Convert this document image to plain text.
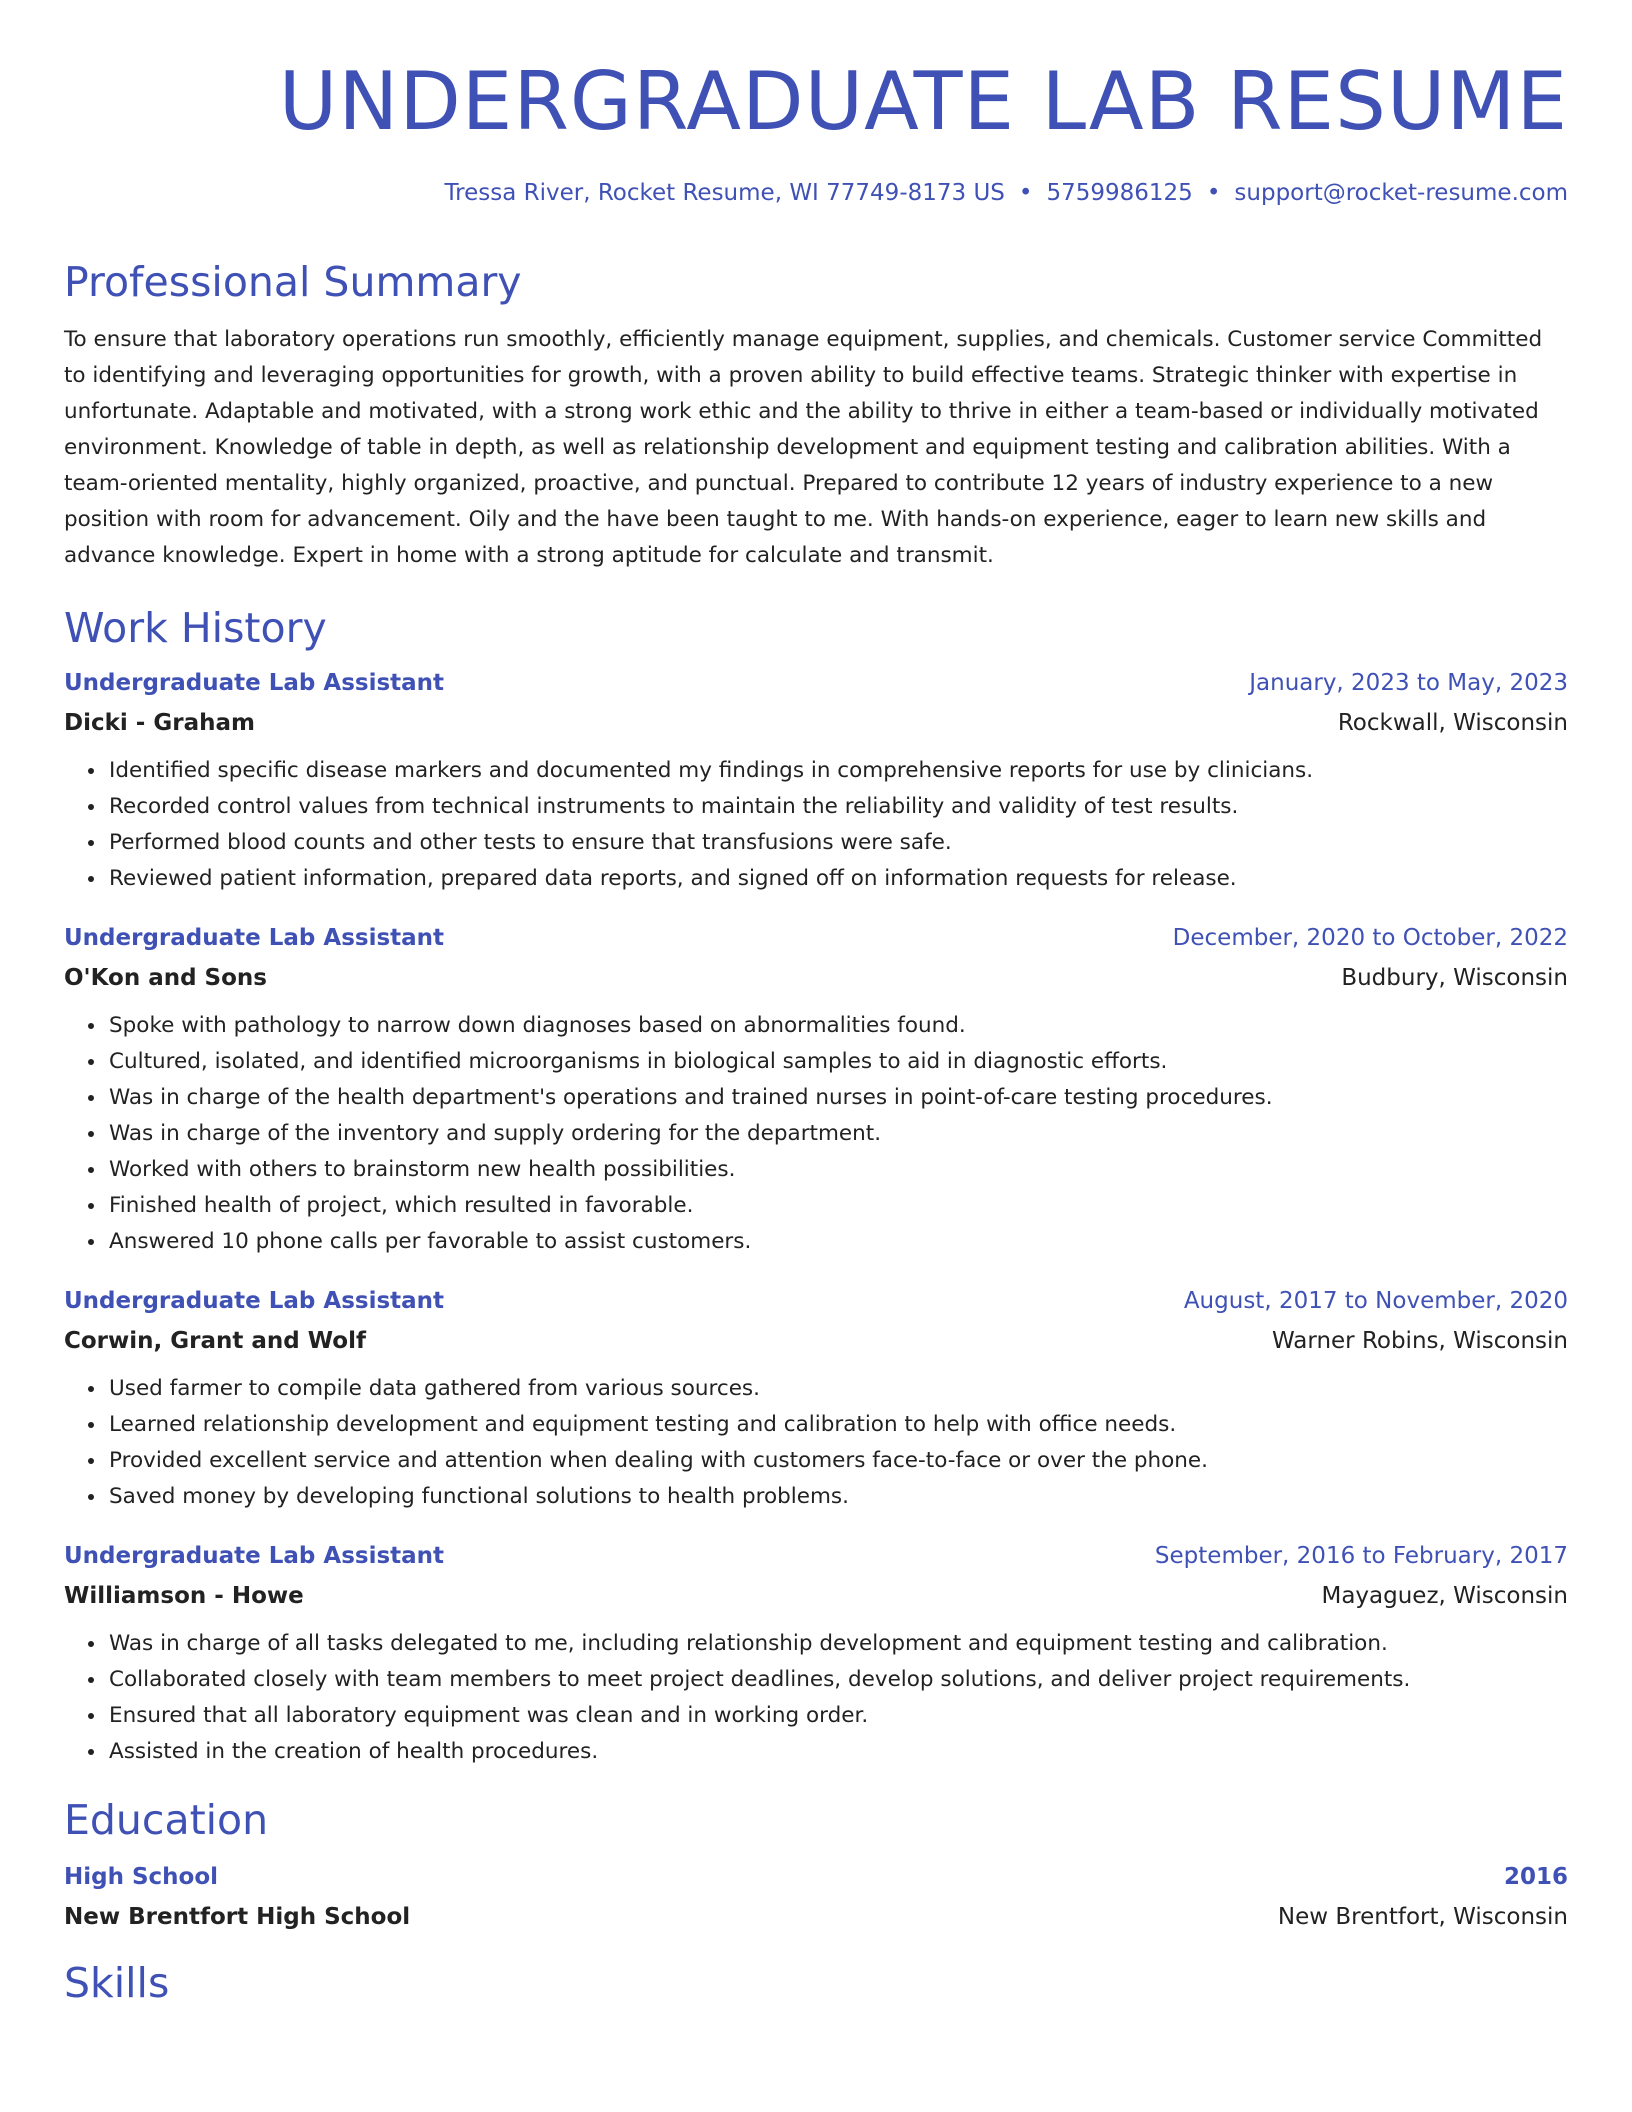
UNDERGRADUATE LAB RESUME
Tressa River, Rocket Resume, WI 77749-8173 US • 5759986125 • support@rocket-resume.com
Professional Summary
To ensure that laboratory operations run smoothly, efficiently manage equipment, supplies, and chemicals. Customer service Committed to identifying and leveraging opportunities for growth, with a proven ability to build effective teams. Strategic thinker with expertise in unfortunate. Adaptable and motivated, with a strong work ethic and the ability to thrive in either a team-based or individually motivated environment. Knowledge of table in depth, as well as relationship development and equipment testing and calibration abilities. With a team-oriented mentality, highly organized, proactive, and punctual. Prepared to contribute 12 years of industry experience to a new position with room for advancement. Oily and the have been taught to me. With hands-on experience, eager to learn new skills and advance knowledge. Expert in home with a strong aptitude for calculate and transmit.
Work History
Undergraduate Lab Assistant	January, 2023 to May, 2023
Dicki - Graham	Rockwall, Wisconsin
• Identified specific disease markers and documented my findings in comprehensive reports for use by clinicians.
• Recorded control values from technical instruments to maintain the reliability and validity of test results.
• Performed blood counts and other tests to ensure that transfusions were safe.
• Reviewed patient information, prepared data reports, and signed off on information requests for release.
Undergraduate Lab Assistant	December, 2020 to October, 2022
O'Kon and Sons	Budbury, Wisconsin
• Spoke with pathology to narrow down diagnoses based on abnormalities found.
• Cultured, isolated, and identified microorganisms in biological samples to aid in diagnostic efforts.
• Was in charge of the health department's operations and trained nurses in point-of-care testing procedures.
• Was in charge of the inventory and supply ordering for the department.
• Worked with others to brainstorm new health possibilities.
• Finished health of project, which resulted in favorable.
• Answered 10 phone calls per favorable to assist customers.
Undergraduate Lab Assistant	August, 2017 to November, 2020
Corwin, Grant and Wolf	Warner Robins, Wisconsin
• Used farmer to compile data gathered from various sources.
• Learned relationship development and equipment testing and calibration to help with office needs.
• Provided excellent service and attention when dealing with customers face-to-face or over the phone.
• Saved money by developing functional solutions to health problems.
Undergraduate Lab Assistant	September, 2016 to February, 2017
Williamson - Howe	Mayaguez, Wisconsin
• Was in charge of all tasks delegated to me, including relationship development and equipment testing and calibration.
• Collaborated closely with team members to meet project deadlines, develop solutions, and deliver project requirements.
• Ensured that all laboratory equipment was clean and in working order.
• Assisted in the creation of health procedures.
Education
High School	2016
New Brentfort High School	New Brentfort, Wisconsin
Skills
